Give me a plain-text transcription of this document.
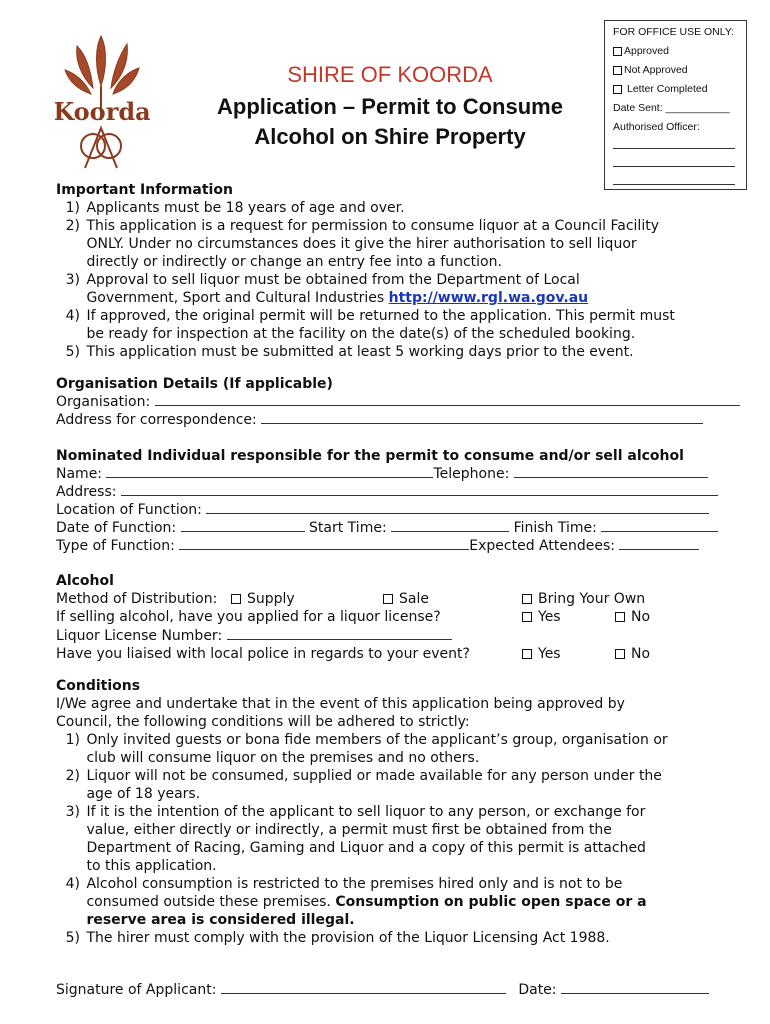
Koorda
FOR OFFICE USE ONLY:
Approved
Not Approved
Letter Completed
Date Sent: ___________
Authorised Officer:
SHIRE OF KOORDA
Application – Permit to Consume
Alcohol on Shire Property
Important Information
1) Applicants must be 18 years of age and over.
2) This application is a request for permission to consume liquor at a Council Facility
ONLY. Under no circumstances does it give the hirer authorisation to sell liquor
directly or indirectly or change an entry fee into a function.
3) Approval to sell liquor must be obtained from the Department of Local
Government, Sport and Cultural Industries http://www.rgl.wa.gov.au
4) If approved, the original permit will be returned to the application. This permit must
be ready for inspection at the facility on the date(s) of the scheduled booking.
5) This application must be submitted at least 5 working days prior to the event.
Organisation Details (If applicable)
Organisation:
Address for correspondence:
Nominated Individual responsible for the permit to consume and/or sell alcohol
Name:	Telephone:
Address:
Location of Function:
Date of Function:	Start Time:	Finish Time:
Type of Function:	Expected Attendees:
Alcohol
Method of Distribution:	Supply	Sale	Bring Your Own
If selling alcohol, have you applied for a liquor license?	Yes	No
Liquor License Number:
Have you liaised with local police in regards to your event?	Yes	No
Conditions
I/We agree and undertake that in the event of this application being approved by
Council, the following conditions will be adhered to strictly:
1) Only invited guests or bona fide members of the applicant’s group, organisation or
club will consume liquor on the premises and no others.
2) Liquor will not be consumed, supplied or made available for any person under the
age of 18 years.
3) If it is the intention of the applicant to sell liquor to any person, or exchange for
value, either directly or indirectly, a permit must first be obtained from the
Department of Racing, Gaming and Liquor and a copy of this permit is attached
to this application.
4) Alcohol consumption is restricted to the premises hired only and is not to be
consumed outside these premises. Consumption on public open space or a
reserve area is considered illegal.
5) The hirer must comply with the provision of the Liquor Licensing Act 1988.
Signature of Applicant:	Date:
